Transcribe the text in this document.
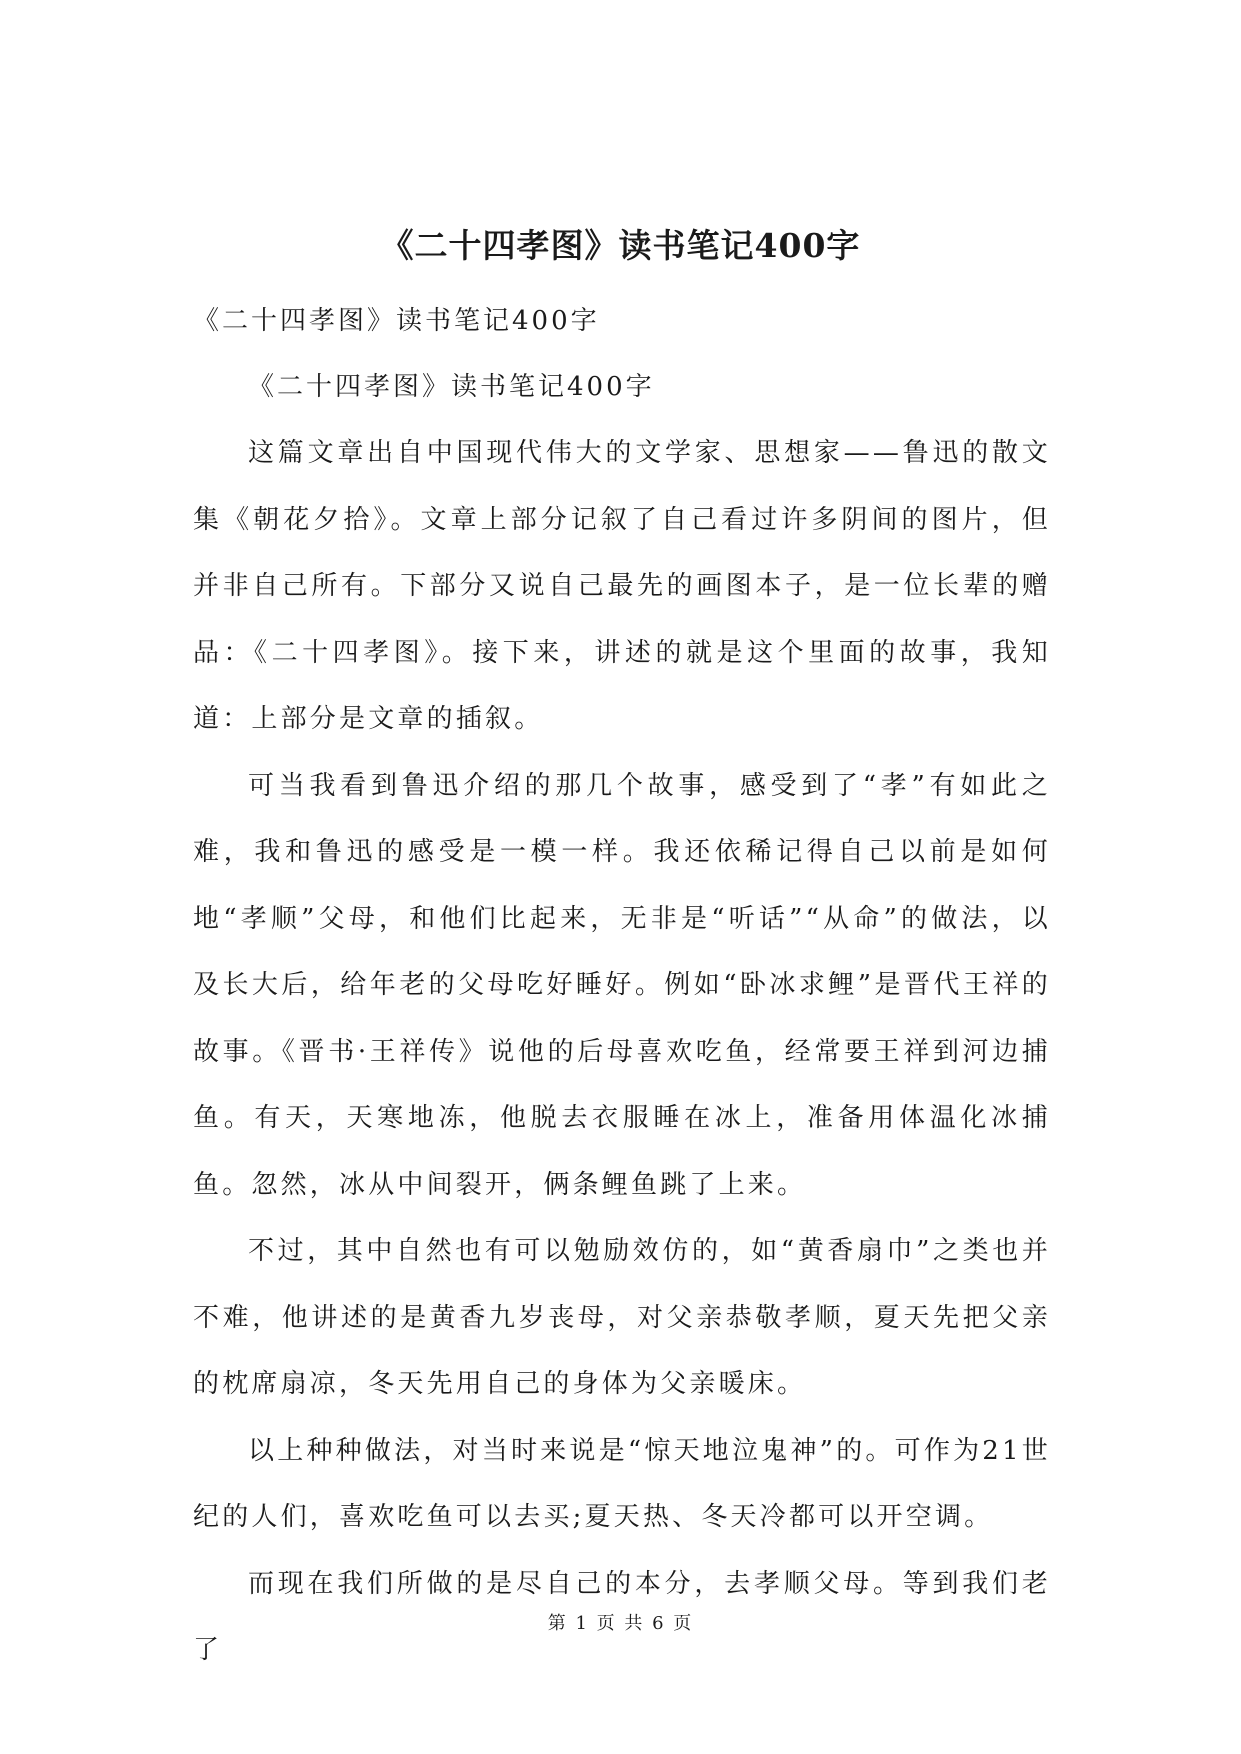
《二十四孝图》读书笔记400字
《二十四孝图》读书笔记400字
《二十四孝图》读书笔记400字

这篇文章出自中国现代伟大的文学家、思想家——鲁迅的散文集《朝花夕拾》。文章上部分记叙了自己看过许多阴间的图片，但并非自己所有。下部分又说自己最先的画图本子，是一位长辈的赠品：《二十四孝图》。接下来，讲述的就是这个里面的故事，我知道：上部分是文章的插叙。

可当我看到鲁迅介绍的那几个故事，感受到了“孝”有如此之难，我和鲁迅的感受是一模一样。我还依稀记得自己以前是如何地“孝顺”父母，和他们比起来，无非是“听话”“从命”的做法，以及长大后，给年老的父母吃好睡好。例如“卧冰求鲤”是晋代王祥的故事。《晋书·王祥传》说他的后母喜欢吃鱼，经常要王祥到河边捕鱼。有天，天寒地冻，他脱去衣服睡在冰上，准备用体温化冰捕鱼。忽然，冰从中间裂开，俩条鲤鱼跳了上来。

不过，其中自然也有可以勉励效仿的，如“黄香扇巾”之类也并不难，他讲述的是黄香九岁丧母，对父亲恭敬孝顺，夏天先把父亲的枕席扇凉，冬天先用自己的身体为父亲暖床。

以上种种做法，对当时来说是“惊天地泣鬼神”的。可作为21世纪的人们，喜欢吃鱼可以去买;夏天热、冬天冷都可以开空调。

而现在我们所做的是尽自己的本分，去孝顺父母。等到我们老了

第 1 页 共 6 页
